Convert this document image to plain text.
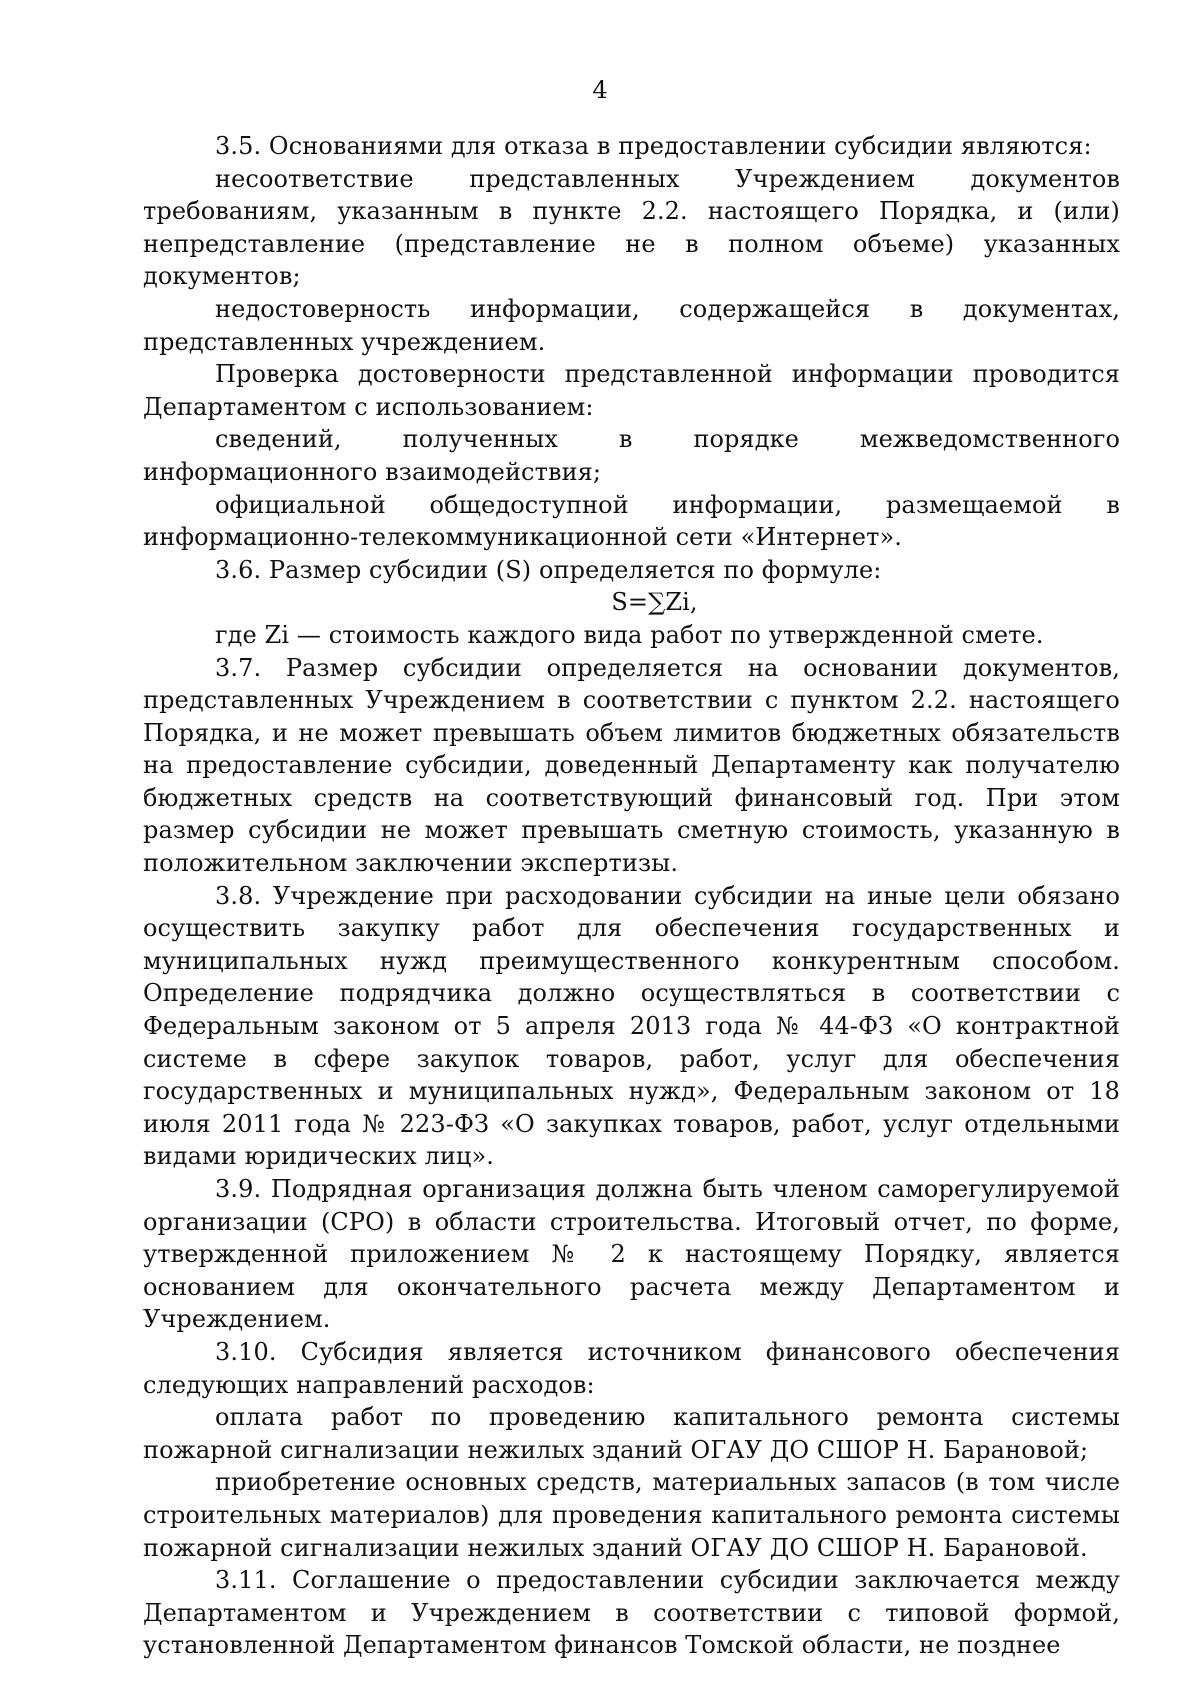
4

3.5. Основаниями для отказа в предоставлении субсидии являются:

несоответствие представленных Учреждением документов требованиям, указанным в пункте 2.2. настоящего Порядка, и (или) непредставление (представление не в полном объеме) указанных документов;

недостоверность информации, содержащейся в документах, представленных учреждением.

Проверка достоверности представленной информации проводится Департаментом с использованием:

сведений, полученных в порядке межведомственного информационного взаимодействия;

официальной общедоступной информации, размещаемой в информационно-телекоммуникационной сети «Интернет».

3.6. Размер субсидии (S) определяется по формуле:

S=∑Zi,

где Zi — стоимость каждого вида работ по утвержденной смете.

3.7. Размер субсидии определяется на основании документов, представленных Учреждением в соответствии с пунктом 2.2. настоящего Порядка, и не может превышать объем лимитов бюджетных обязательств на предоставление субсидии, доведенный Департаменту как получателю бюджетных средств на соответствующий финансовый год. При этом размер субсидии не может превышать сметную стоимость, указанную в положительном заключении экспертизы.

3.8. Учреждение при расходовании субсидии на иные цели обязано осуществить закупку работ для обеспечения государственных и муниципальных нужд преимущественного конкурентным способом. Определение подрядчика должно осуществляться в соответствии с Федеральным законом от 5 апреля 2013 года № 44-ФЗ «О контрактной системе в сфере закупок товаров, работ, услуг для обеспечения государственных и муниципальных нужд», Федеральным законом от 18 июля 2011 года № 223-ФЗ «О закупках товаров, работ, услуг отдельными видами юридических лиц».

3.9. Подрядная организация должна быть членом саморегулируемой организации (СРО) в области строительства. Итоговый отчет, по форме, утвержденной приложением № 2 к настоящему Порядку, является основанием для окончательного расчета между Департаментом и Учреждением.

3.10. Субсидия является источником финансового обеспечения следующих направлений расходов:

оплата работ по проведению капитального ремонта системы пожарной сигнализации нежилых зданий ОГАУ ДО СШОР Н. Барановой;

приобретение основных средств, материальных запасов (в том числе строительных материалов) для проведения капитального ремонта системы пожарной сигнализации нежилых зданий ОГАУ ДО СШОР Н. Барановой.

3.11. Соглашение о предоставлении субсидии заключается между Департаментом и Учреждением в соответствии с типовой формой, установленной Департаментом финансов Томской области, не позднее
